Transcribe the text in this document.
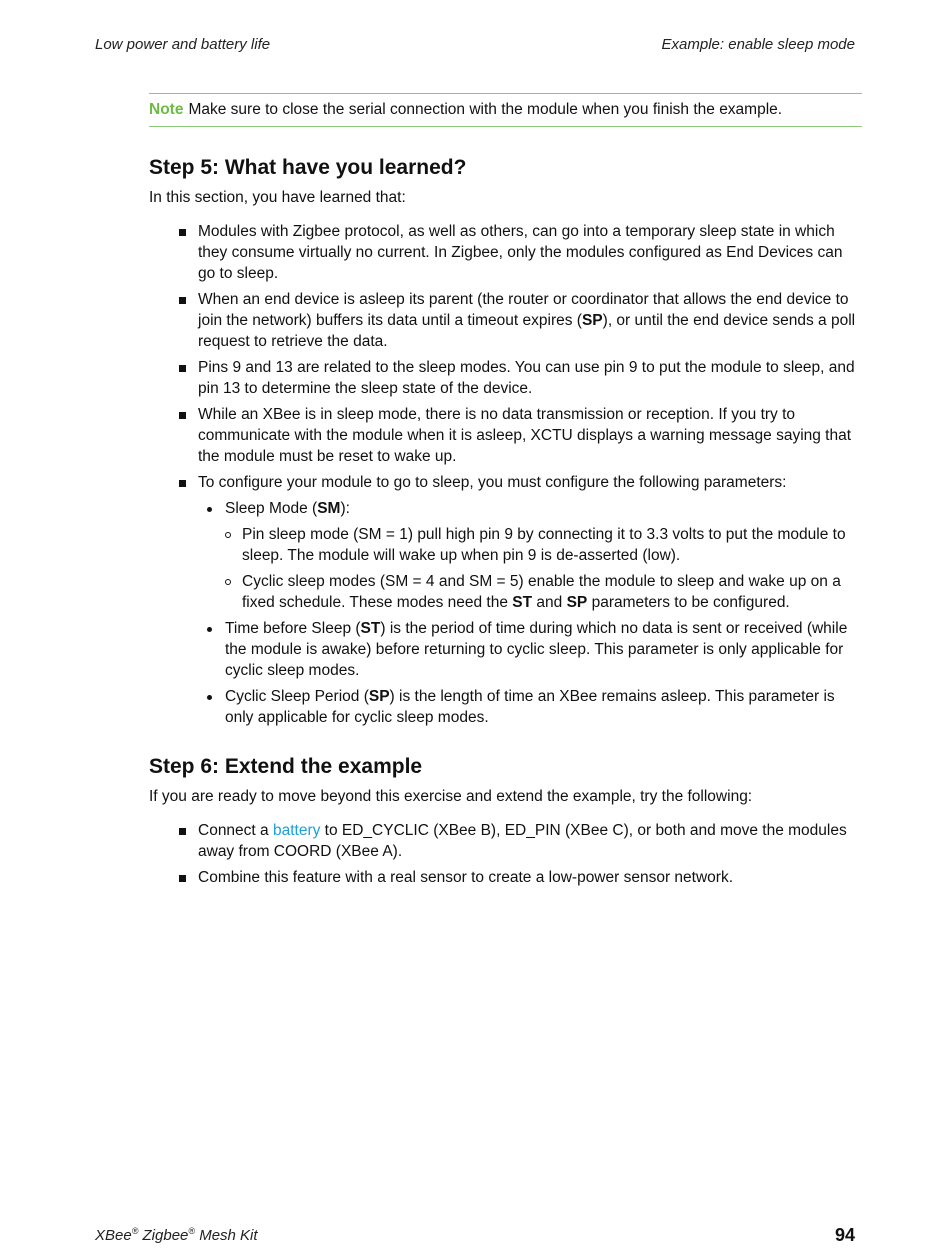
Low power and battery life	Example: enable sleep mode
Note Make sure to close the serial connection with the module when you finish the example.
Step 5: What have you learned?

In this section, you have learned that:

Modules with Zigbee protocol, as well as others, can go into a temporary sleep state in which they consume virtually no current. In Zigbee, only the modules configured as End Devices can go to sleep.
When an end device is asleep its parent (the router or coordinator that allows the end device to join the network) buffers its data until a timeout expires (SP), or until the end device sends a poll request to retrieve the data.
Pins 9 and 13 are related to the sleep modes. You can use pin 9 to put the module to sleep, and pin 13 to determine the sleep state of the device.
While an XBee is in sleep mode, there is no data transmission or reception. If you try to communicate with the module when it is asleep, XCTU displays a warning message saying that the module must be reset to wake up.
To configure your module to go to sleep, you must configure the following parameters:
Sleep Mode (SM):
Pin sleep mode (SM = 1) pull high pin 9 by connecting it to 3.3 volts to put the module to sleep. The module will wake up when pin 9 is de-asserted (low).
Cyclic sleep modes (SM = 4 and SM = 5) enable the module to sleep and wake up on a fixed schedule. These modes need the ST and SP parameters to be configured.
Time before Sleep (ST) is the period of time during which no data is sent or received (while the module is awake) before returning to cyclic sleep. This parameter is only applicable for cyclic sleep modes.
Cyclic Sleep Period (SP) is the length of time an XBee remains asleep. This parameter is only applicable for cyclic sleep modes.
Step 6: Extend the example

If you are ready to move beyond this exercise and extend the example, try the following:

Connect a battery to ED_CYCLIC (XBee B), ED_PIN (XBee C), or both and move the modules away from COORD (XBee A).
Combine this feature with a real sensor to create a low-power sensor network.
XBee® Zigbee® Mesh Kit	94
